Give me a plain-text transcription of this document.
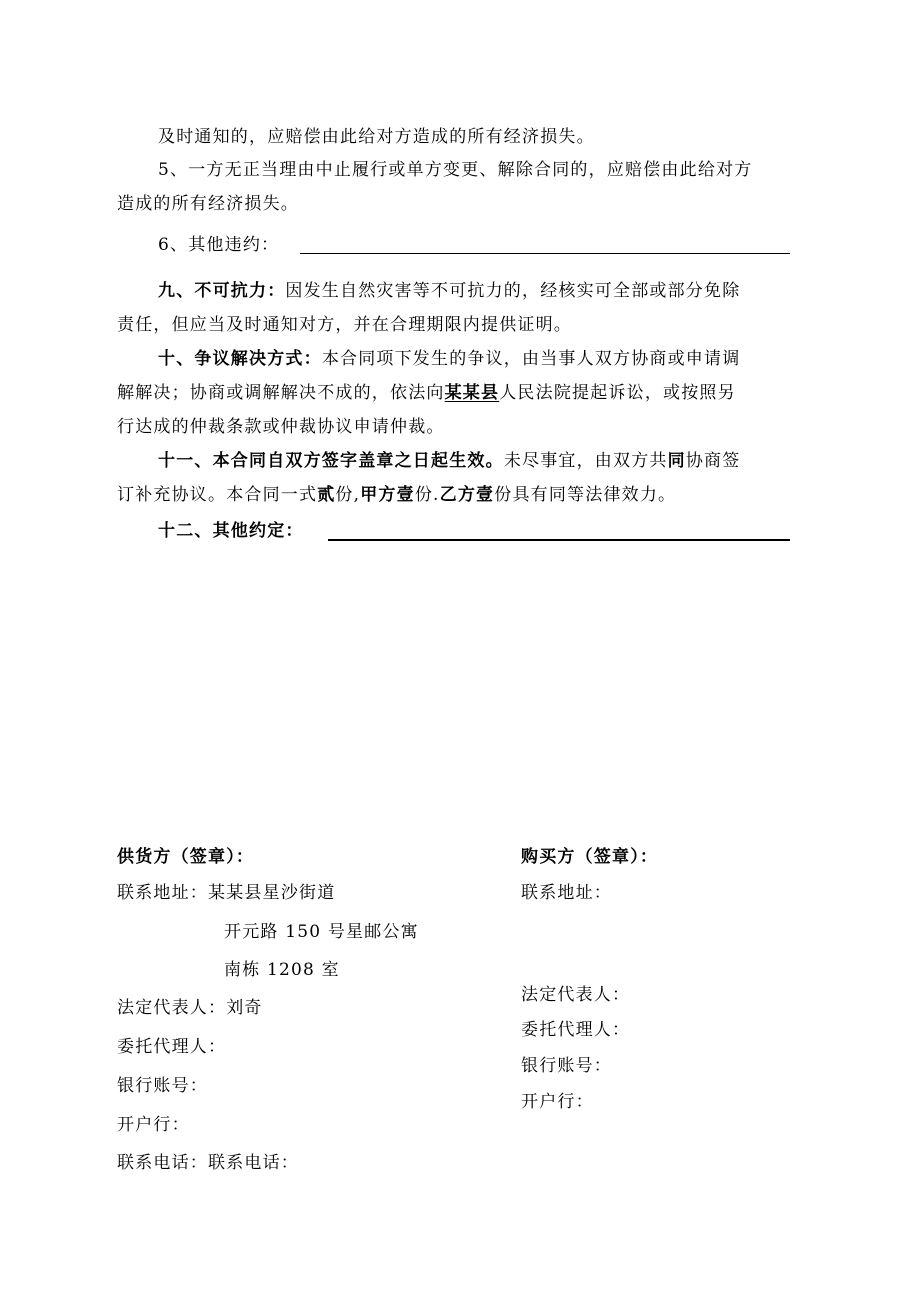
及时通知的，应赔偿由此给对方造成的所有经济损失。
5、一方无正当理由中止履行或单方变更、解除合同的，应赔偿由此给对方
造成的所有经济损失。
6、其他违约：
九、不可抗力：因发生自然灾害等不可抗力的，经核实可全部或部分免除
责任，但应当及时通知对方，并在合理期限内提供证明。
十、争议解决方式：本合同项下发生的争议，由当事人双方协商或申请调
解解决；协商或调解解决不成的，依法向某某县人民法院提起诉讼，或按照另
行达成的仲裁条款或仲裁协议申请仲裁。
十一、本合同自双方签字盖章之日起生效。未尽事宜，由双方共同协商签
订补充协议。本合同一式贰份,甲方壹份.乙方壹份具有同等法律效力。
十二、其他约定：
供货方（签章）：
联系地址：某某县星沙街道
开元路 150 号星邮公寓
南栋 1208 室
法定代表人：刘奇
委托代理人：
银行账号：
开户行：
联系电话：联系电话：
购买方（签章）：
联系地址：
法定代表人：
委托代理人：
银行账号：
开户行：
